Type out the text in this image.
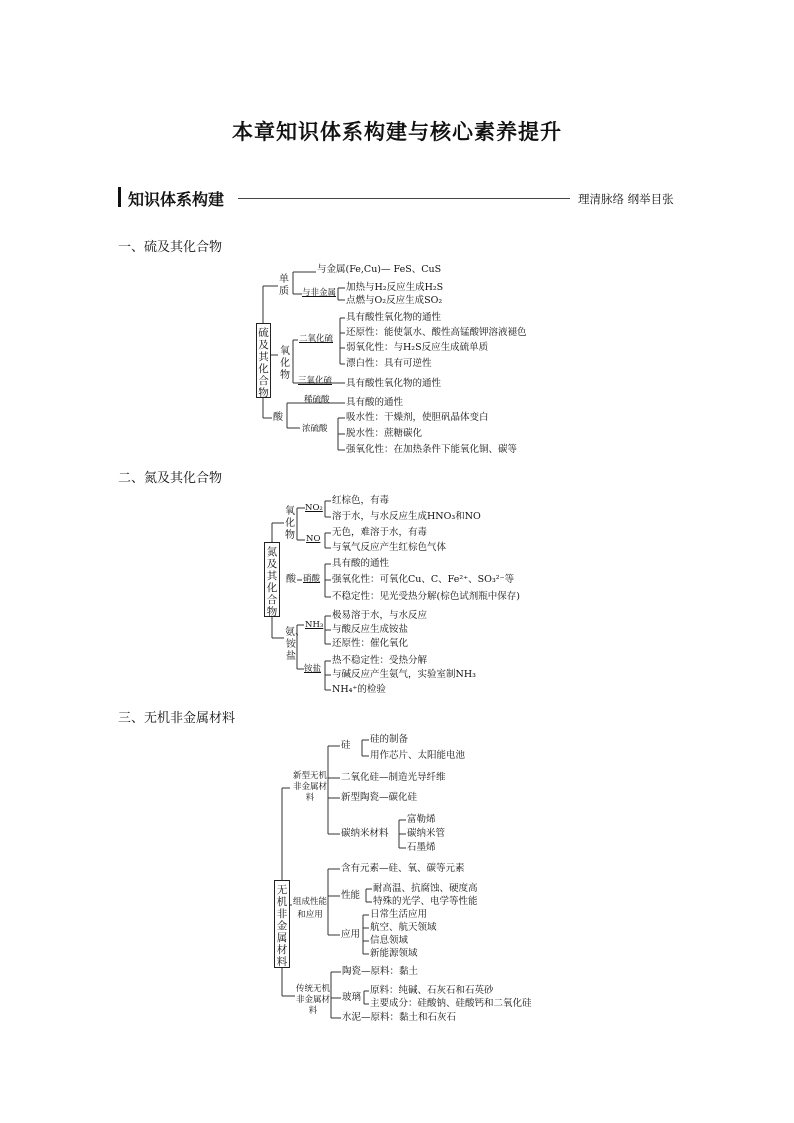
本章知识体系构建与核心素养提升
知识体系构建	理清脉络 纲举目张
一、硫及其化合物
硫及其化合物
单质
与金属(Fe,Cu)— FeS、CuS
与非金属 加热与H₂反应生成H₂S
点燃与O₂反应生成SO₂
氧化物
二氧化硫
具有酸性氧化物的通性
还原性：能使氯水、酸性高锰酸钾溶液褪色
弱氧化性：与H₂S反应生成硫单质
漂白性：具有可逆性
三氧化硫 具有酸性氧化物的通性
酸
稀硫酸 具有酸的通性
浓硫酸
吸水性：干燥剂，使胆矾晶体变白
脱水性：蔗糖碳化
强氧化性：在加热条件下能氧化铜、碳等
二、氮及其化合物
氮及其化合物
氧化物
NO₂
红棕色，有毒
溶于水，与水反应生成HNO₃和NO
NO
无色，难溶于水，有毒
与氧气反应产生红棕色气体
酸 硝酸
具有酸的通性
强氧化性：可氧化Cu、C、Fe²⁺、SO₃²⁻等
不稳定性：见光受热分解(棕色试剂瓶中保存)
氨、铵盐
NH₃
极易溶于水，与水反应
与酸反应生成铵盐
还原性：催化氧化
铵盐
热不稳定性：受热分解
与碱反应产生氨气，实验室制NH₃
NH₄⁺的检验
三、无机非金属材料
无机非金属材料
新型无机非金属材料
硅
硅的制备
用作芯片、太阳能电池
二氧化硅—制造光导纤维
新型陶瓷—碳化硅
碳纳米材料
富勒烯
碳纳米管
石墨烯
组成性能和应用
含有元素—硅、氧、碳等元素
性能
耐高温、抗腐蚀、硬度高
特殊的光学、电学等性能
应用
日常生活应用
航空、航天领域
信息领域
新能源领域
传统无机非金属材料
陶瓷—原料：黏土
玻璃
原料：纯碱、石灰石和石英砂
主要成分：硅酸钠、硅酸钙和二氧化硅
水泥—原料：黏土和石灰石
